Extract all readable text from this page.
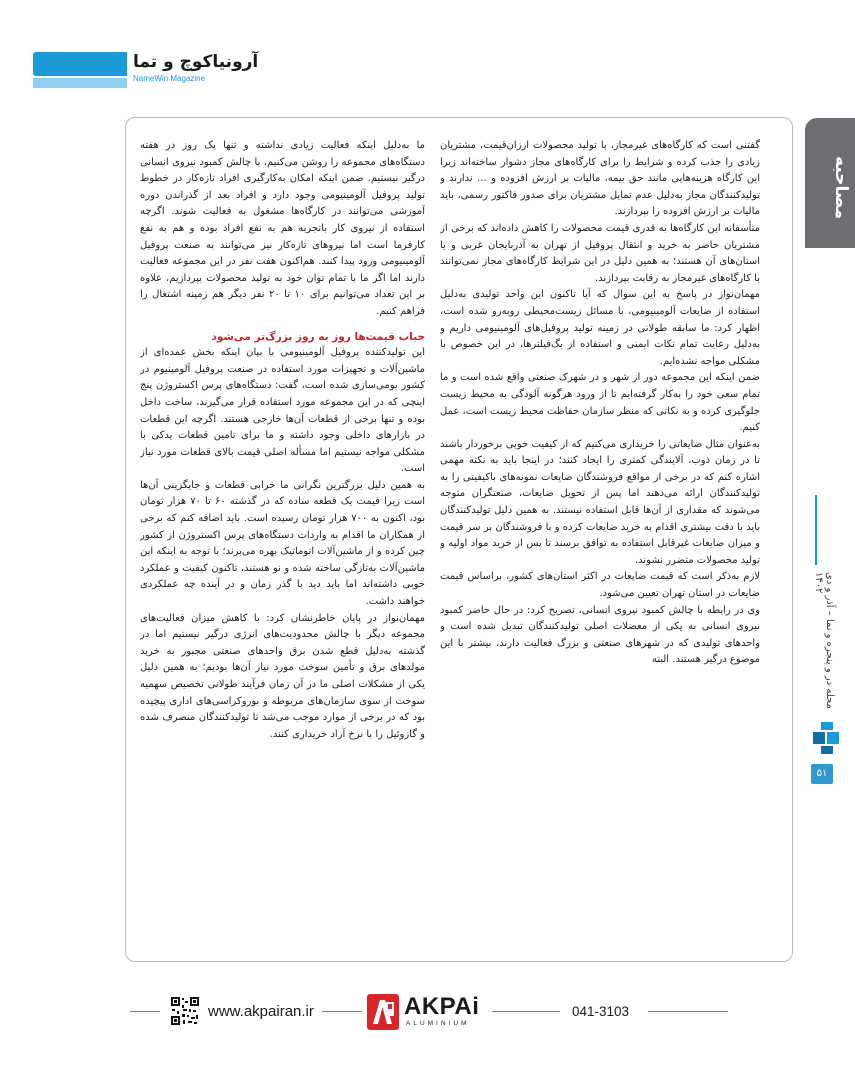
آرونیاکوچ و تما
NameWin Magazine
مصاحبه
مجله در و پنجره و نما – آذر و دی ۱۴۰۲
۵۱

گفتنی است که کارگاه‌های غیرمجاز، با تولید محصولات ارزان‌قیمت، مشتریان زیادی را جذب کرده و شرایط را برای کارگاه‌های مجاز دشوار ساخته‌اند زیرا این کارگاه هزینه‌هایی مانند حق بیمه، مالیات بر ارزش افزوده و … ندارند و تولیدکنندگان مجاز به‌دلیل عدم تمایل مشتریان برای صدور فاکتور رسمی، باید مالیات بر ارزش افزوده را بپردازند.

متأسفانه این کارگاه‌ها به قدری قیمت محصولات را کاهش داده‌اند که برخی از مشتریان حاضر به خرید و انتقال پروفیل از تهران به آذربایجان غربی و یا استان‌های آن هستند؛ به همین دلیل در این شرایط کارگاه‌های مجاز نمی‌توانند با کارگاه‌های غیرمجاز به رقابت بپردازند.

مهمان‌نواز در پاسخ به این سوال که آیا تاکنون این واحد تولیدی به‌دلیل استفاده از ضایعات آلومینیومی، با مسائل زیست‌محیطی روبه‌رو شده است، اظهار کرد: ما سابقه طولانی در زمینه تولید پروفیل‌های آلومینیومی داریم و به‌دلیل رعایت تمام نکات ایمنی و استفاده از بگ‌فیلترها، در این خصوص با مشکلی مواجه نشده‌ایم.

ضمن اینکه این مجموعه دور از شهر و در شهرک صنعتی واقع شده است و ما تمام سعی خود را به‌کار گرفته‌ایم تا از ورود هرگونه آلودگی به محیط زیست جلوگیری کرده و به نکاتی که منظر سازمان حفاظت محیط زیست است، عمل کنیم.

به‌عنوان مثال ضایعاتی را خریداری می‌کنیم که از کیفیت خوبی برخوردار باشند تا در زمان ذوب، آلایندگی کمتری را ایجاد کنند؛ در اینجا باید به نکته مهمی اشاره کنم که در برخی از مواقع فروشندگان ضایعات نمونه‌های باکیفیتی را به تولیدکنندگان ارائه می‌دهند اما پس از تحویل ضایعات، صنعتگران متوجه می‌شوند که مقداری از آن‌ها قابل استفاده نیستند. به همین دلیل تولیدکنندگان باید با دقت بیشتری اقدام به خرید ضایعات کرده و با فروشندگان بر سر قیمت و میزان ضایعات غیرقابل استفاده به توافق برسند تا پس از خرید مواد اولیه و تولید محصولات متضرر نشوند.

لازم به‌ذکر است که قیمت ضایعات در اکثر استان‌های کشور، براساس قیمت ضایعات در استان تهران تعیین می‌شود.

وی در رابطه با چالش کمبود نیروی انسانی، تصریح کرد: در حال حاضر کمبود نیروی انسانی به یکی از معضلات اصلی تولیدکنندگان تبدیل شده است و واحدهای تولیدی که در شهرهای صنعتی و بزرگ فعالیت دارند، بیشتر با این موضوع درگیر هستند. البته

ما به‌دلیل اینکه فعالیت زیادی نداشته و تنها یک روز در هفته دستگاه‌های مجموعه را روشن می‌کنیم، با چالش کمبود نیروی انسانی درگیر نیستیم. ضمن اینکه امکان به‌کارگیری افراد تازه‌کار در خطوط تولید پروفیل آلومینیومی وجود دارد و افراد بعد از گذراندن دوره آموزشی می‌توانند در کارگاه‌ها مشغول به فعالیت شوند. اگرچه استفاده از نیروی کار باتجربه هم به نفع افراد بوده و هم به نفع کارفرما است اما نیروهای تازه‌کار نیز می‌توانند به صنعت پروفیل آلومینیومی ورود پیدا کنند. هم‌اکنون هفت نفر در این مجموعه فعالیت دارند اما اگر ما با تمام توان خود به تولید محصولات بپردازیم، علاوه بر این تعداد می‌توانیم برای ۱۰ تا ۲۰ نفر دیگر هم زمینه اشتغال را فراهم کنیم.

حباب قیمت‌ها روز به روز بزرگ‌تر می‌شود

این تولیدکننده پروفیل آلومینیومی با بیان اینکه بخش عمده‌ای از ماشین‌آلات و تجهیزات مورد استفاده در صنعت پروفیل آلومینیوم در کشور بومی‌سازی شده است، گفت: دستگاه‌های پرس اکستروژن پنج اینچی که در این مجموعه مورد استفاده قرار می‌گیرند، ساخت داخل بوده و تنها برخی از قطعات آن‌ها خارجی هستند. اگرچه این قطعات در بازارهای داخلی وجود داشته و ما برای تامین قطعات یدکی با مشکلی مواجه نیستیم اما مسأله اصلی قیمت بالای قطعات مورد نیاز است.

به همین دلیل بزرگترین نگرانی ما خرابی قطعات و جایگزینی آن‌ها است زیرا قیمت یک قطعه ساده که در گذشته ۶۰ تا ۷۰ هزار تومان بود، اکنون به ۷۰۰ هزار تومان رسیده است. باید اضافه کنم که برخی از همکاران ما اقدام به واردات دستگاه‌های پرس اکستروژن از کشور چین کرده و از ماشین‌آلات اتوماتیک بهره می‌برند؛ با توجه به اینکه این ماشین‌آلات به‌تازگی ساخته شده و نو هستند، تاکنون کیفیت و عملکرد خوبی داشته‌اند اما باید دید با گذر زمان و در آینده چه عملکردی خواهند داشت.

مهمان‌نواز در پایان خاطرنشان کرد: با کاهش میزان فعالیت‌های مجموعه دیگر با چالش محدودیت‌های انرژی درگیر نیستیم اما در گذشته به‌دلیل قطع شدن برق واحدهای صنعتی مجبور به خرید مولدهای برق و تأمین سوخت مورد نیاز آن‌ها بودیم؛ به همین دلیل یکی از مشکلات اصلی ما در آن زمان فرآیند طولانی تخصیص سهمیه سوخت از سوی سازمان‌های مربوطه و بوروکراسی‌های اداری پیچیده بود که در برخی از موارد موجب می‌شد تا تولیدکنندگان منصرف شده و گازوئیل را با نرخ آزاد خریداری کنند.

www.akpairan.ir	AKPAi
ALUMINIUM
041-3103
